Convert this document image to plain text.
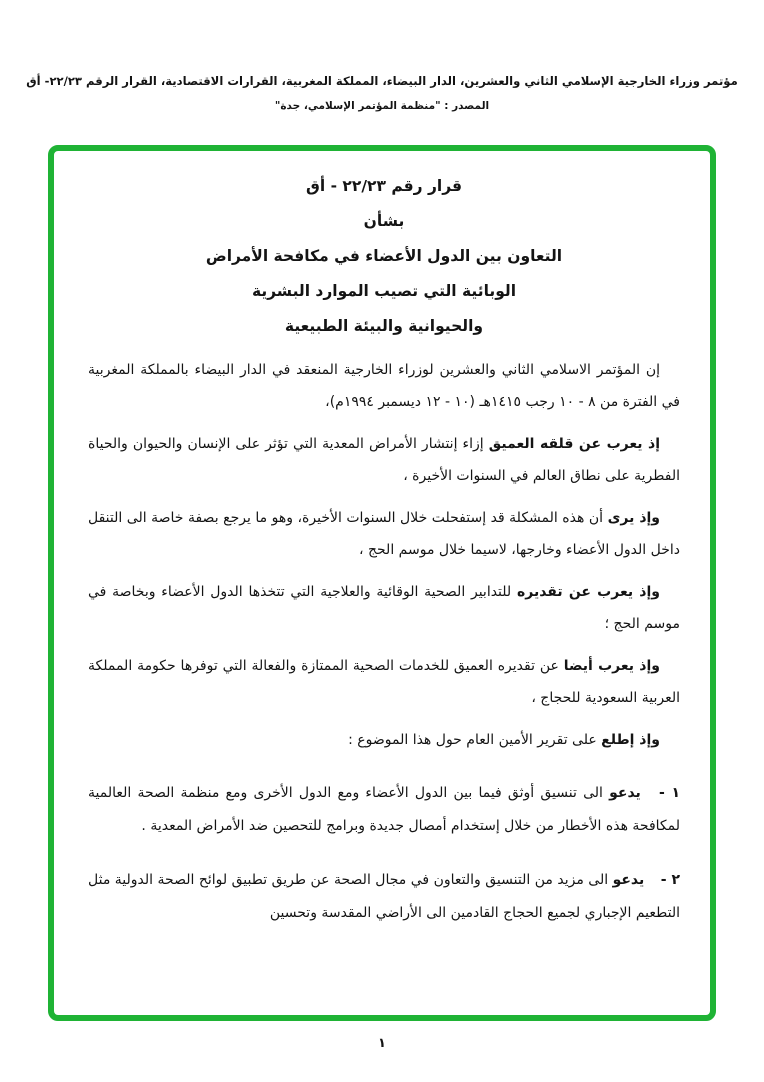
مؤتمر وزراء الخارجية الإسلامي الثاني والعشرين، الدار البيضاء، المملكة المغربية، القرارات الاقتصادية، القرار الرقم ٢٢/٢٣- أق
المصدر : "منظمة المؤتمر الإسلامي، جدة"
قرار رقم ٢٢/٢٣ - أق
بشأن
التعاون بين الدول الأعضاء في مكافحة الأمراض
الوبائية التي تصيب الموارد البشرية
والحيوانية والبيئة الطبيعية

إن المؤتمر الاسلامي الثاني والعشرين لوزراء الخارجية المنعقد في الدار البيضاء بالمملكة المغربية في الفترة من ٨ - ١٠ رجب ١٤١٥هـ (١٠ - ١٢ ديسمبر ١٩٩٤م)،

إذ يعرب عن قلقه العميق إزاء إنتشار الأمراض المعدية التي تؤثر على الإنسان والحيوان والحياة الفطرية على نطاق العالم في السنوات الأخيرة ،

وإذ يرى أن هذه المشكلة قد إستفحلت خلال السنوات الأخيرة، وهو ما يرجع بصفة خاصة الى التنقل داخل الدول الأعضاء وخارجها، لاسيما خلال موسم الحج ،

وإذ يعرب عن تقديره للتدابير الصحية الوقائية والعلاجية التي تتخذها الدول الأعضاء وبخاصة في موسم الحج ؛

وإذ يعرب أيضا عن تقديره العميق للخدمات الصحية الممتازة والفعالة التي توفرها حكومة المملكة العربية السعودية للحجاج ،

وإذ إطلع على تقرير الأمين العام حول هذا الموضوع :

١ - يدعو الى تنسيق أوثق فيما بين الدول الأعضاء ومع الدول الأخرى ومع منظمة الصحة العالمية لمكافحة هذه الأخطار من خلال إستخدام أمصال جديدة وبرامج للتحصين ضد الأمراض المعدية .

٢ - يدعو الى مزيد من التنسيق والتعاون في مجال الصحة عن طريق تطبيق لوائح الصحة الدولية مثل التطعيم الإجباري لجميع الحجاج القادمين الى الأراضي المقدسة وتحسين

١
